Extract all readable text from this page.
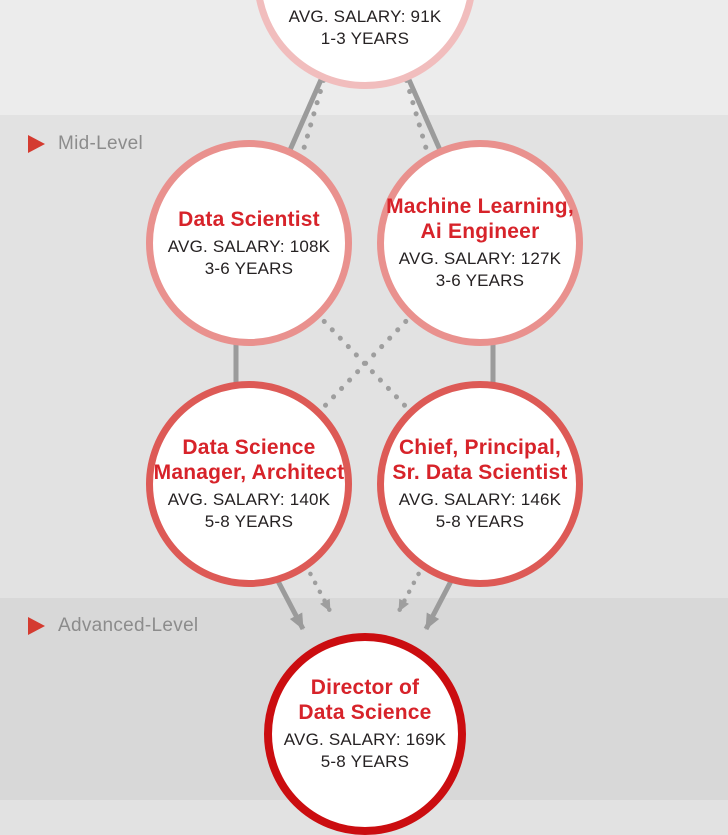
Mid-Level
Advanced-Level
AVG. SALARY: 91K
1-3 YEARS
Data Scientist
AVG. SALARY: 108K
3-6 YEARS
Machine Learning,
Ai Engineer
AVG. SALARY: 127K
3-6 YEARS
Data Science
Manager, Architect
AVG. SALARY: 140K
5-8 YEARS
Chief, Principal,
Sr. Data Scientist
AVG. SALARY: 146K
5-8 YEARS
Director of
Data Science
AVG. SALARY: 169K
5-8 YEARS
